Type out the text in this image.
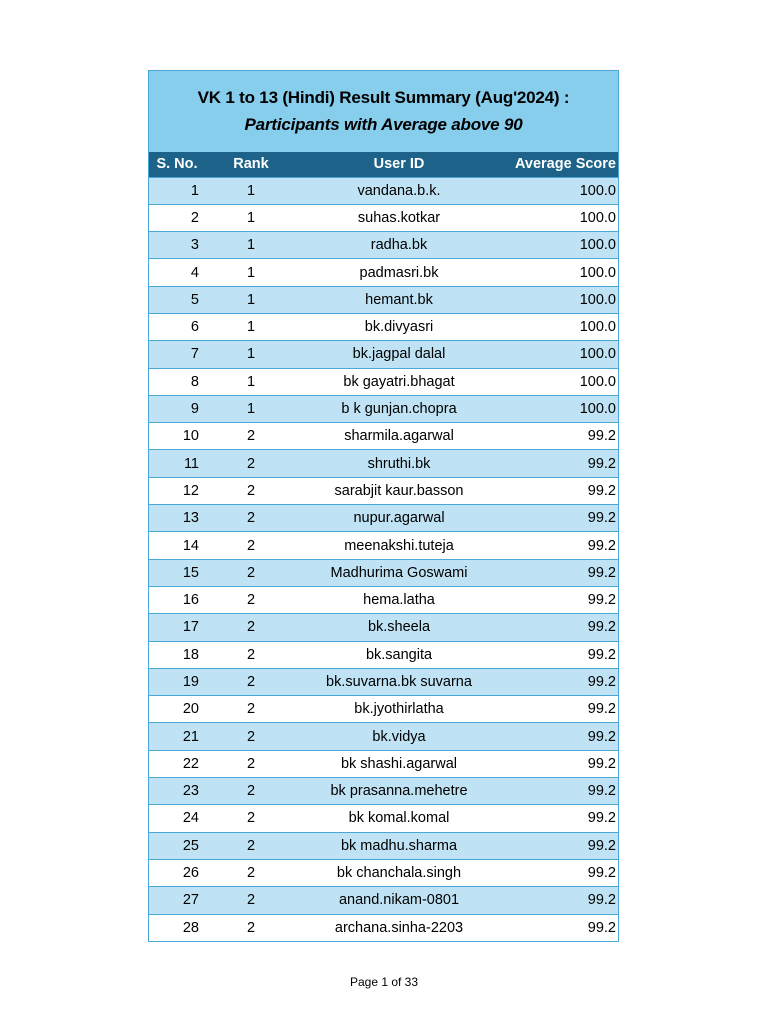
VK 1 to 13 (Hindi) Result Summary (Aug'2024) :
Participants with Average above 90
S. No.	Rank	User ID	Average Score
1	1	vandana.b.k.	100.0
2	1	suhas.kotkar	100.0
3	1	radha.bk	100.0
4	1	padmasri.bk	100.0
5	1	hemant.bk	100.0
6	1	bk.divyasri	100.0
7	1	bk.jagpal dalal	100.0
8	1	bk gayatri.bhagat	100.0
9	1	b k gunjan.chopra	100.0
10	2	sharmila.agarwal	99.2
11	2	shruthi.bk	99.2
12	2	sarabjit kaur.basson	99.2
13	2	nupur.agarwal	99.2
14	2	meenakshi.tuteja	99.2
15	2	Madhurima Goswami	99.2
16	2	hema.latha	99.2
17	2	bk.sheela	99.2
18	2	bk.sangita	99.2
19	2	bk.suvarna.bk suvarna	99.2
20	2	bk.jyothirlatha	99.2
21	2	bk.vidya	99.2
22	2	bk shashi.agarwal	99.2
23	2	bk prasanna.mehetre	99.2
24	2	bk komal.komal	99.2
25	2	bk madhu.sharma	99.2
26	2	bk chanchala.singh	99.2
27	2	anand.nikam-0801	99.2
28	2	archana.sinha-2203	99.2
Page 1 of 33
